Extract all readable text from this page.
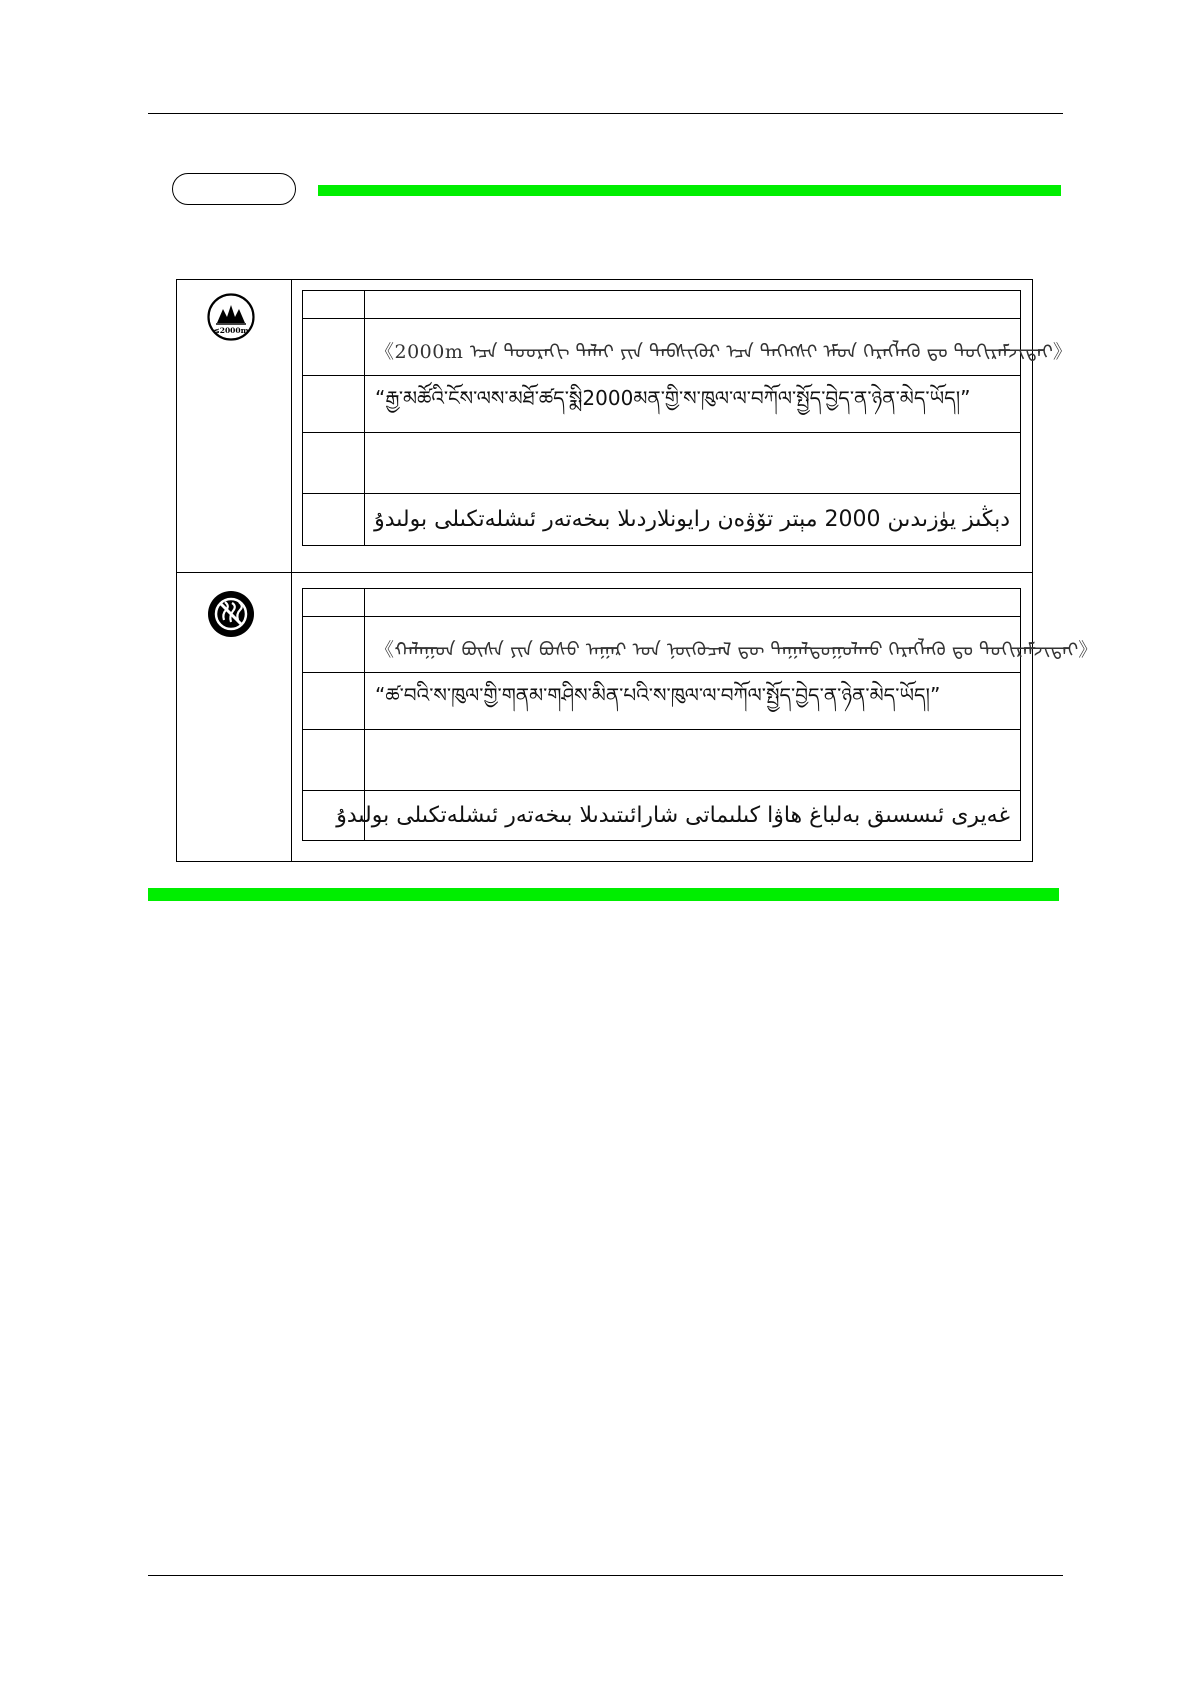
≤2000m

	《2000m ᠡᠴᠡ ᠳᠣᠣᠷᠠᠬᠢ ᠳᠠᠯᠠᠢ ᠶᠢᠨ ᠲᠡᠪᠰᠢᠭᠦᠷ ᠡᠴᠡ ᠳᠡᠭᠡᠭᠰᠢ ᠡᠮᠦᠨ ᠬᠡᠷᠡᠭᠯᠡᠬᠦ ᠳᠤ ᠲᠣᠬᠢᠷᠠᠮᠵᠢᠲᠠᠢ》
	“རྒྱ་མཚོའི་ངོས་ལས་མཐོ་ཚད་སྨི2000མན་གྱི་ས་ཁུལ་ལ་བཀོལ་སྤྱོད་བྱེད་ན་ཉེན་མེད་ཡོད།”

	دېڭىز يۈزىدىن 2000 مېتر تۆۋەن رايونلاردىلا بىخەتەر ئىشلەتكىلى بولىدۇ

	《ᠬᠠᠯᠠᠭᠤᠨ ᠪᠦᠰᠡ ᠶᠢᠨ ᠪᠤᠰᠤ ᠠᠭᠠᠷ ᠤᠨ ᠨᠥᠬᠦᠴᠡᠯ ᠳᠦ ᠳᠠᠭᠠᠯᠳᠤᠭᠤᠯᠬᠤ ᠬᠡᠷᠡᠭᠯᠡᠬᠦ ᠳᠤ ᠲᠣᠬᠢᠷᠠᠮᠵᠢᠲᠠᠢ》
	“ཚ་བའི་ས་ཁུལ་གྱི་གནམ་གཤིས་མིན་པའི་ས་ཁུལ་ལ་བཀོལ་སྤྱོད་བྱེད་ན་ཉེན་མེད་ཡོད།”

	غەيرى ئىسسىق بەلباغ ھاۋا كىلىماتى شارائىتىدىلا بىخەتەر ئىشلەتكىلى بولىدۇ
